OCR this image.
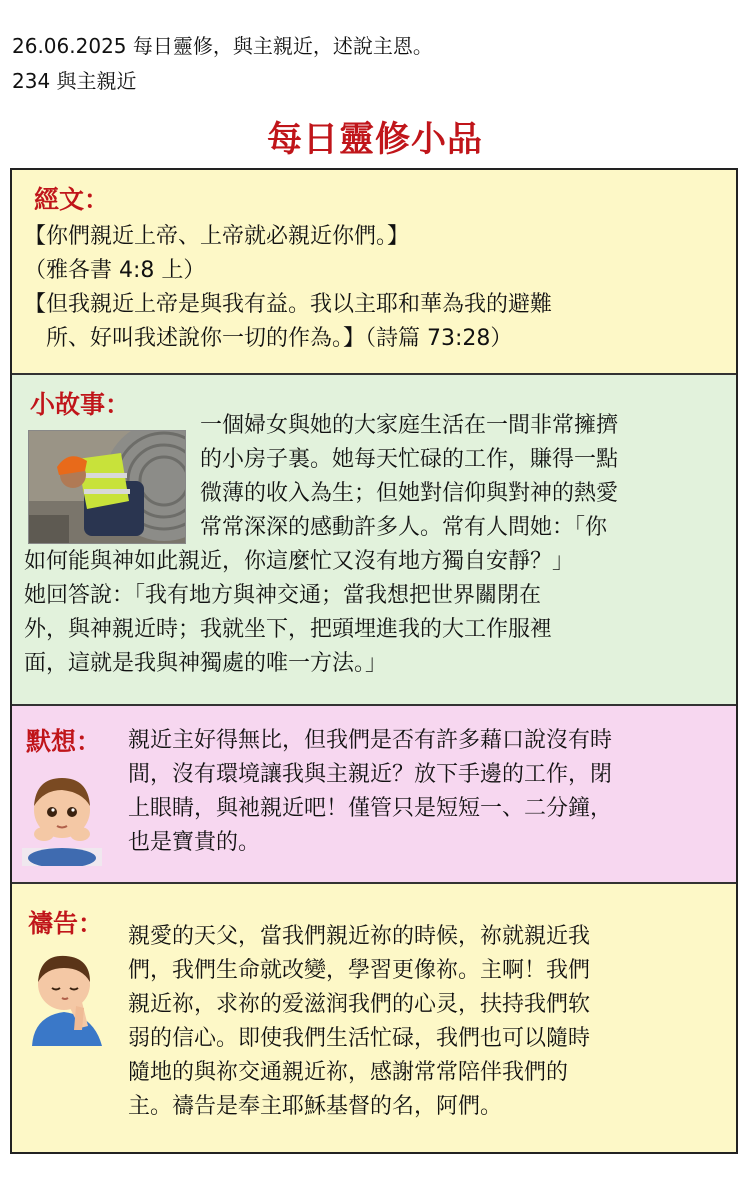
26.06.2025 每日靈修，與主親近，述說主恩。
234 與主親近
每日靈修小品
經文：
【你們親近上帝、上帝就必親近你們。】
（雅各書 4:8 上）
【但我親近上帝是與我有益。我以主耶和華為我的避難
　所、好叫我述說你一切的作為。】（詩篇 73:28）
小故事：
一個婦女與她的大家庭生活在一間非常擁擠
的小房子裏。她每天忙碌的工作，賺得一點
微薄的收入為生；但她對信仰與對神的熱愛
常常深深的感動許多人。常有人問她：「你
如何能與神如此親近，你這麼忙又沒有地方獨自安靜？」
她回答說：「我有地方與神交通；當我想把世界關閉在
外，與神親近時；我就坐下，把頭埋進我的大工作服裡
面，這就是我與神獨處的唯一方法。」
默想： 親近主好得無比，但我們是否有許多藉口說沒有時
間，沒有環境讓我與主親近？放下手邊的工作，閉
上眼睛，與祂親近吧！僅管只是短短一、二分鐘，
也是寶貴的。
禱告： 親愛的天父，當我們親近祢的時候，祢就親近我
們，我們生命就改變，學習更像祢。主啊！我們
親近祢，求祢的爱滋润我們的心灵，扶持我們软
弱的信心。即使我們生活忙碌，我們也可以隨時
隨地的與祢交通親近祢，感謝常常陪伴我們的
主。禱告是奉主耶穌基督的名，阿們。
